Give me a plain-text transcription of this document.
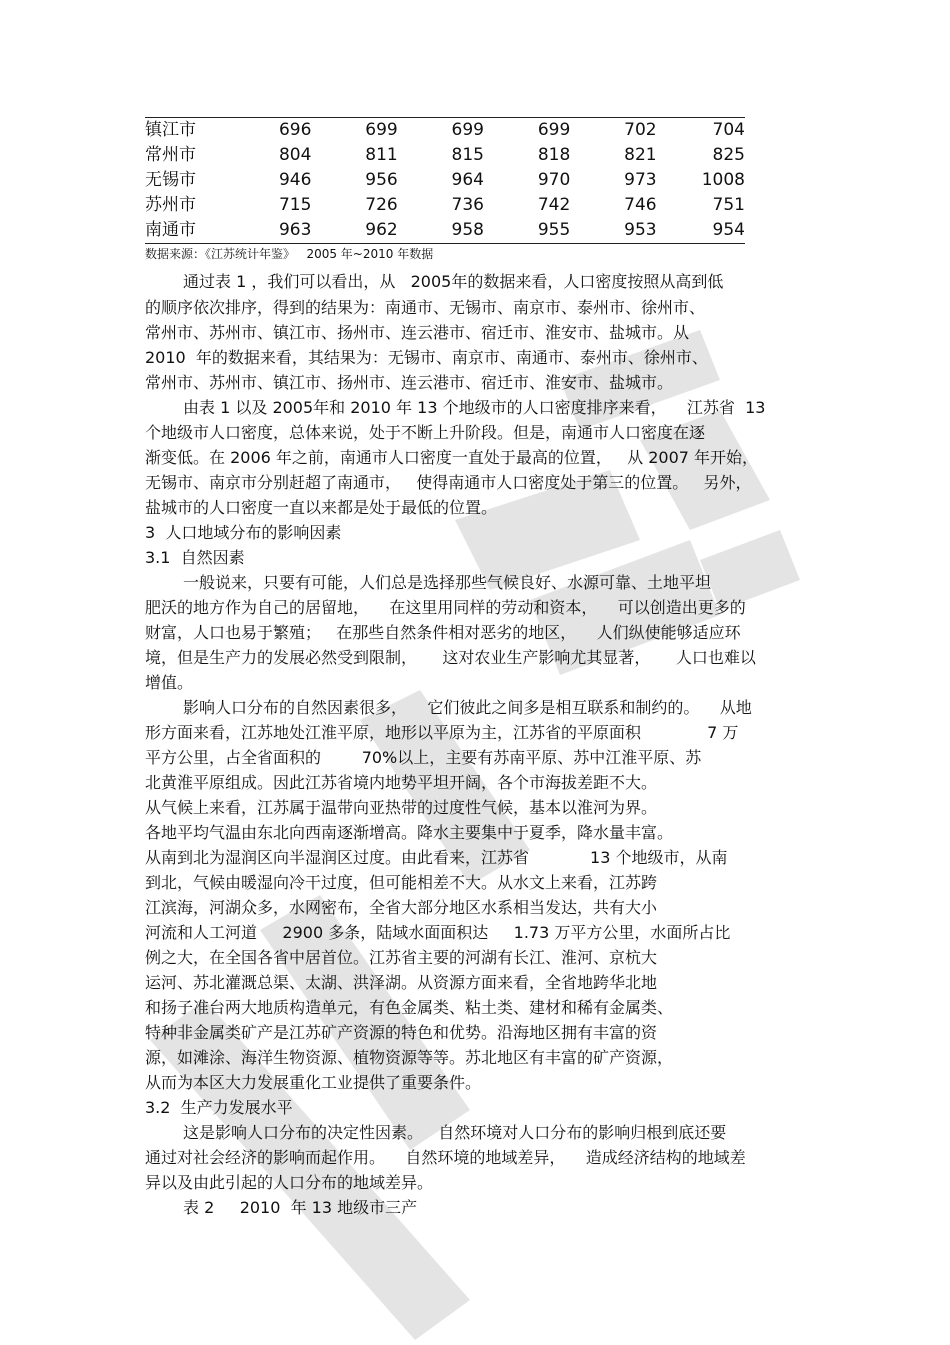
镇江市	696	699	699	699	702	704
常州市	804	811	815	818	821	825
无锡市	946	956	964	970	973	1008
苏州市	715	726	736	742	746	751
南通市	963	962	958	955	953	954
数据来源：《江苏统计年鉴》   2005 年~2010 年数据
通过表 1 ，我们可以看出，从   2005年的数据来看，人口密度按照从高到低
的顺序依次排序，得到的结果为：南通市、无锡市、南京市、泰州市、徐州市、
常州市、苏州市、镇江市、扬州市、连云港市、宿迁市、淮安市、盐城市。从
2010  年的数据来看，其结果为：无锡市、南京市、南通市、泰州市、徐州市、
常州市、苏州市、镇江市、扬州市、连云港市、宿迁市、淮安市、盐城市。
由表 1 以及 2005年和 2010 年 13 个地级市的人口密度排序来看，    江苏省  13
个地级市人口密度，总体来说，处于不断上升阶段。但是，南通市人口密度在逐
渐变低。在 2006 年之前，南通市人口密度一直处于最高的位置，   从 2007 年开始，
无锡市、南京市分别赶超了南通市，   使得南通市人口密度处于第三的位置。   另外，
盐城市的人口密度一直以来都是处于最低的位置。
3  人口地域分布的影响因素
3.1  自然因素
一般说来，只要有可能，人们总是选择那些气候良好、水源可靠、土地平坦
肥沃的地方作为自己的居留地，    在这里用同样的劳动和资本，    可以创造出更多的
财富，人口也易于繁殖；   在那些自然条件相对恶劣的地区，    人们纵使能够适应环
境，但是生产力的发展必然受到限制，     这对农业生产影响尤其显著，     人口也难以
增值。
影响人口分布的自然因素很多，    它们彼此之间多是相互联系和制约的。    从地
形方面来看，江苏地处江淮平原，地形以平原为主，江苏省的平原面积             7 万
平方公里，占全省面积的        70%以上，主要有苏南平原、苏中江淮平原、苏
北黄淮平原组成。因此江苏省境内地势平坦开阔，各个市海拔差距不大。
从气候上来看，江苏属于温带向亚热带的过度性气候，基本以淮河为界。
各地平均气温由东北向西南逐渐增高。降水主要集中于夏季，降水量丰富。
从南到北为湿润区向半湿润区过度。由此看来，江苏省            13 个地级市，从南
到北，气候由暖湿向冷干过度，但可能相差不大。从水文上来看，江苏跨
江滨海，河湖众多，水网密布，全省大部分地区水系相当发达，共有大小
河流和人工河道     2900 多条，陆域水面面积达     1.73 万平方公里，水面所占比
例之大，在全国各省中居首位。江苏省主要的河湖有长江、淮河、京杭大
运河、苏北灌溉总渠、太湖、洪泽湖。从资源方面来看，全省地跨华北地
和扬子准台两大地质构造单元，有色金属类、粘土类、建材和稀有金属类、
特种非金属类矿产是江苏矿产资源的特色和优势。沿海地区拥有丰富的资
源，如滩涂、海洋生物资源、植物资源等等。苏北地区有丰富的矿产资源，
从而为本区大力发展重化工业提供了重要条件。
3.2  生产力发展水平
这是影响人口分布的决定性因素。   自然环境对人口分布的影响归根到底还要
通过对社会经济的影响而起作用。    自然环境的地域差异，    造成经济结构的地域差
异以及由此引起的人口分布的地域差异。
表 2     2010  年 13 地级市三产
